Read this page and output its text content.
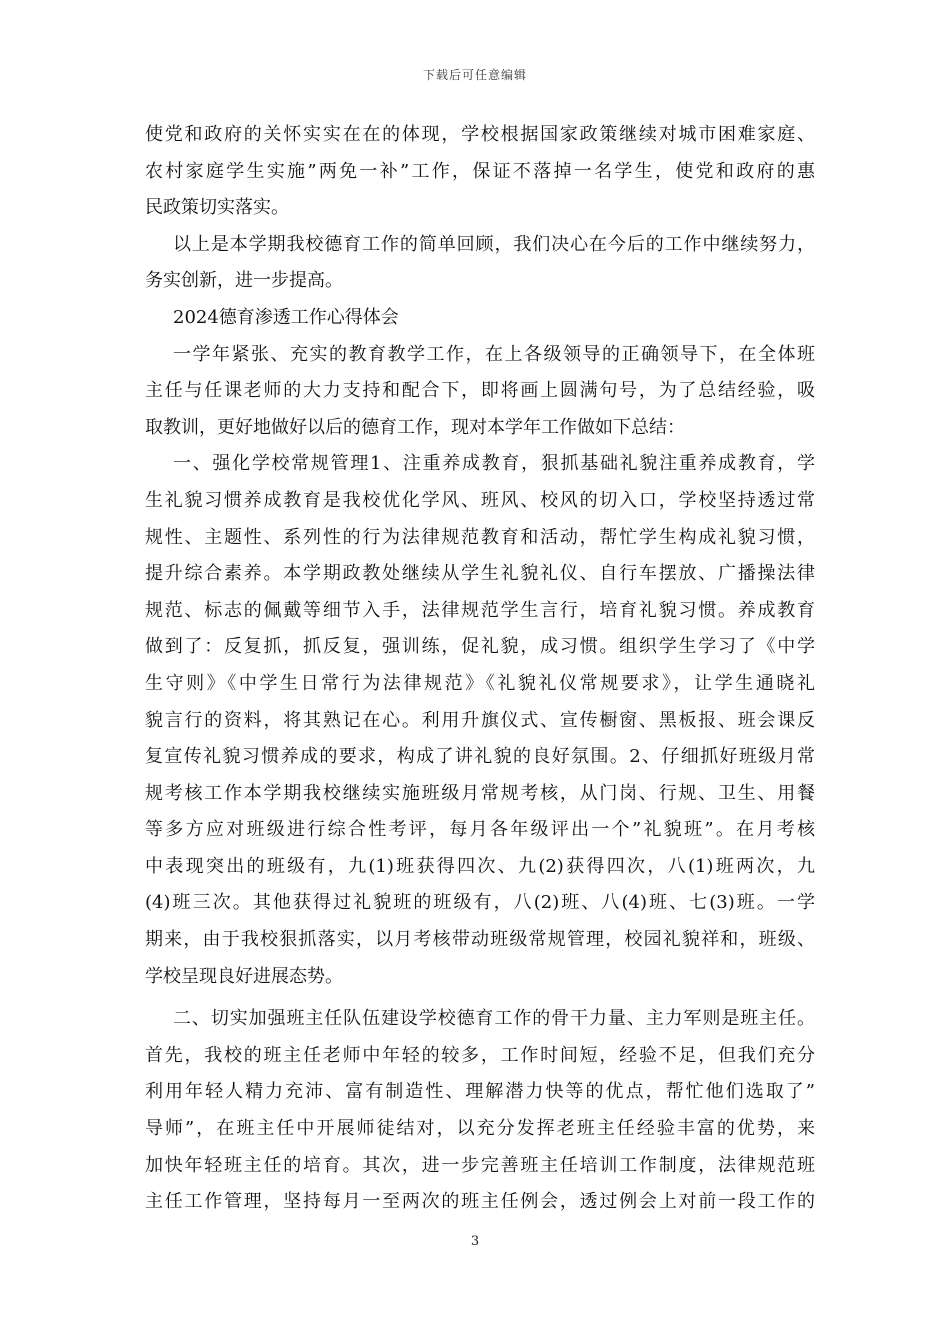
下载后可任意编辑
使党和政府的关怀实实在在的体现，学校根据国家政策继续对城市困难家庭、
农村家庭学生实施”两免一补”工作，保证不落掉一名学生，使党和政府的惠
民政策切实落实。
以上是本学期我校德育工作的简单回顾，我们决心在今后的工作中继续努力，
务实创新，进一步提高。
2024德育渗透工作心得体会
一学年紧张、充实的教育教学工作，在上各级领导的正确领导下，在全体班
主任与任课老师的大力支持和配合下，即将画上圆满句号，为了总结经验，吸
取教训，更好地做好以后的德育工作，现对本学年工作做如下总结：
一、强化学校常规管理1、注重养成教育，狠抓基础礼貌注重养成教育，学
生礼貌习惯养成教育是我校优化学风、班风、校风的切入口，学校坚持透过常
规性、主题性、系列性的行为法律规范教育和活动，帮忙学生构成礼貌习惯，
提升综合素养。本学期政教处继续从学生礼貌礼仪、自行车摆放、广播操法律
规范、标志的佩戴等细节入手，法律规范学生言行，培育礼貌习惯。养成教育
做到了：反复抓，抓反复，强训练，促礼貌，成习惯。组织学生学习了《中学
生守则》《中学生日常行为法律规范》《礼貌礼仪常规要求》，让学生通晓礼
貌言行的资料，将其熟记在心。利用升旗仪式、宣传橱窗、黑板报、班会课反
复宣传礼貌习惯养成的要求，构成了讲礼貌的良好氛围。2、仔细抓好班级月常
规考核工作本学期我校继续实施班级月常规考核，从门岗、行规、卫生、用餐
等多方应对班级进行综合性考评，每月各年级评出一个”礼貌班”。在月考核
中表现突出的班级有，九(1)班获得四次、九(2)获得四次，八(1)班两次，九
(4)班三次。其他获得过礼貌班的班级有，八(2)班、八(4)班、七(3)班。一学
期来，由于我校狠抓落实，以月考核带动班级常规管理，校园礼貌祥和，班级、
学校呈现良好进展态势。
二、切实加强班主任队伍建设学校德育工作的骨干力量、主力军则是班主任。
首先，我校的班主任老师中年轻的较多，工作时间短，经验不足，但我们充分
利用年轻人精力充沛、富有制造性、理解潜力快等的优点，帮忙他们选取了”
导师”，在班主任中开展师徒结对，以充分发挥老班主任经验丰富的优势，来
加快年轻班主任的培育。其次，进一步完善班主任培训工作制度，法律规范班
主任工作管理，坚持每月一至两次的班主任例会，透过例会上对前一段工作的
3
